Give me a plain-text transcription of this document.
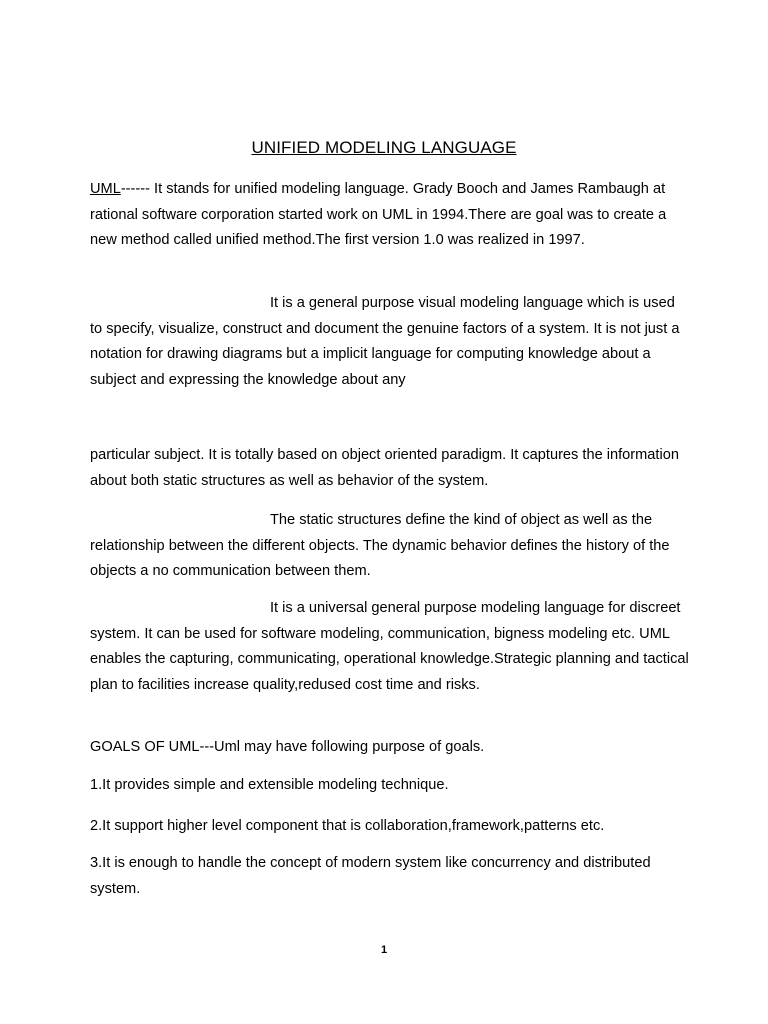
UNIFIED MODELING LANGUAGE

UML------ It stands for unified modeling language. Grady Booch and James Rambaugh at rational software corporation started work on UML in 1994.There are goal was to create a new method called unified method.The first version 1.0 was realized in 1997.

It is a general purpose visual modeling language which is used to specify, visualize, construct and document the genuine factors of a system. It is not just a notation for drawing diagrams but a implicit language for computing knowledge about a subject and expressing the knowledge about any

particular subject. It is totally based on object oriented paradigm. It captures the information about both static structures as well as behavior of the system.

The static structures define the kind of object as well as the relationship between the different objects. The dynamic behavior defines the history of the objects a no communication between them.

It is a universal general purpose modeling language for discreet system. It can be used for software modeling, communication, bigness modeling etc. UML enables the capturing, communicating, operational knowledge.Strategic planning and tactical plan to facilities increase quality,redused cost time and risks.

GOALS OF UML---Uml may have following purpose of goals.

1.It provides simple and extensible modeling technique.

2.It support higher level component that is collaboration,framework,patterns etc.

3.It is enough to handle the concept of modern system like concurrency and distributed system.

1
